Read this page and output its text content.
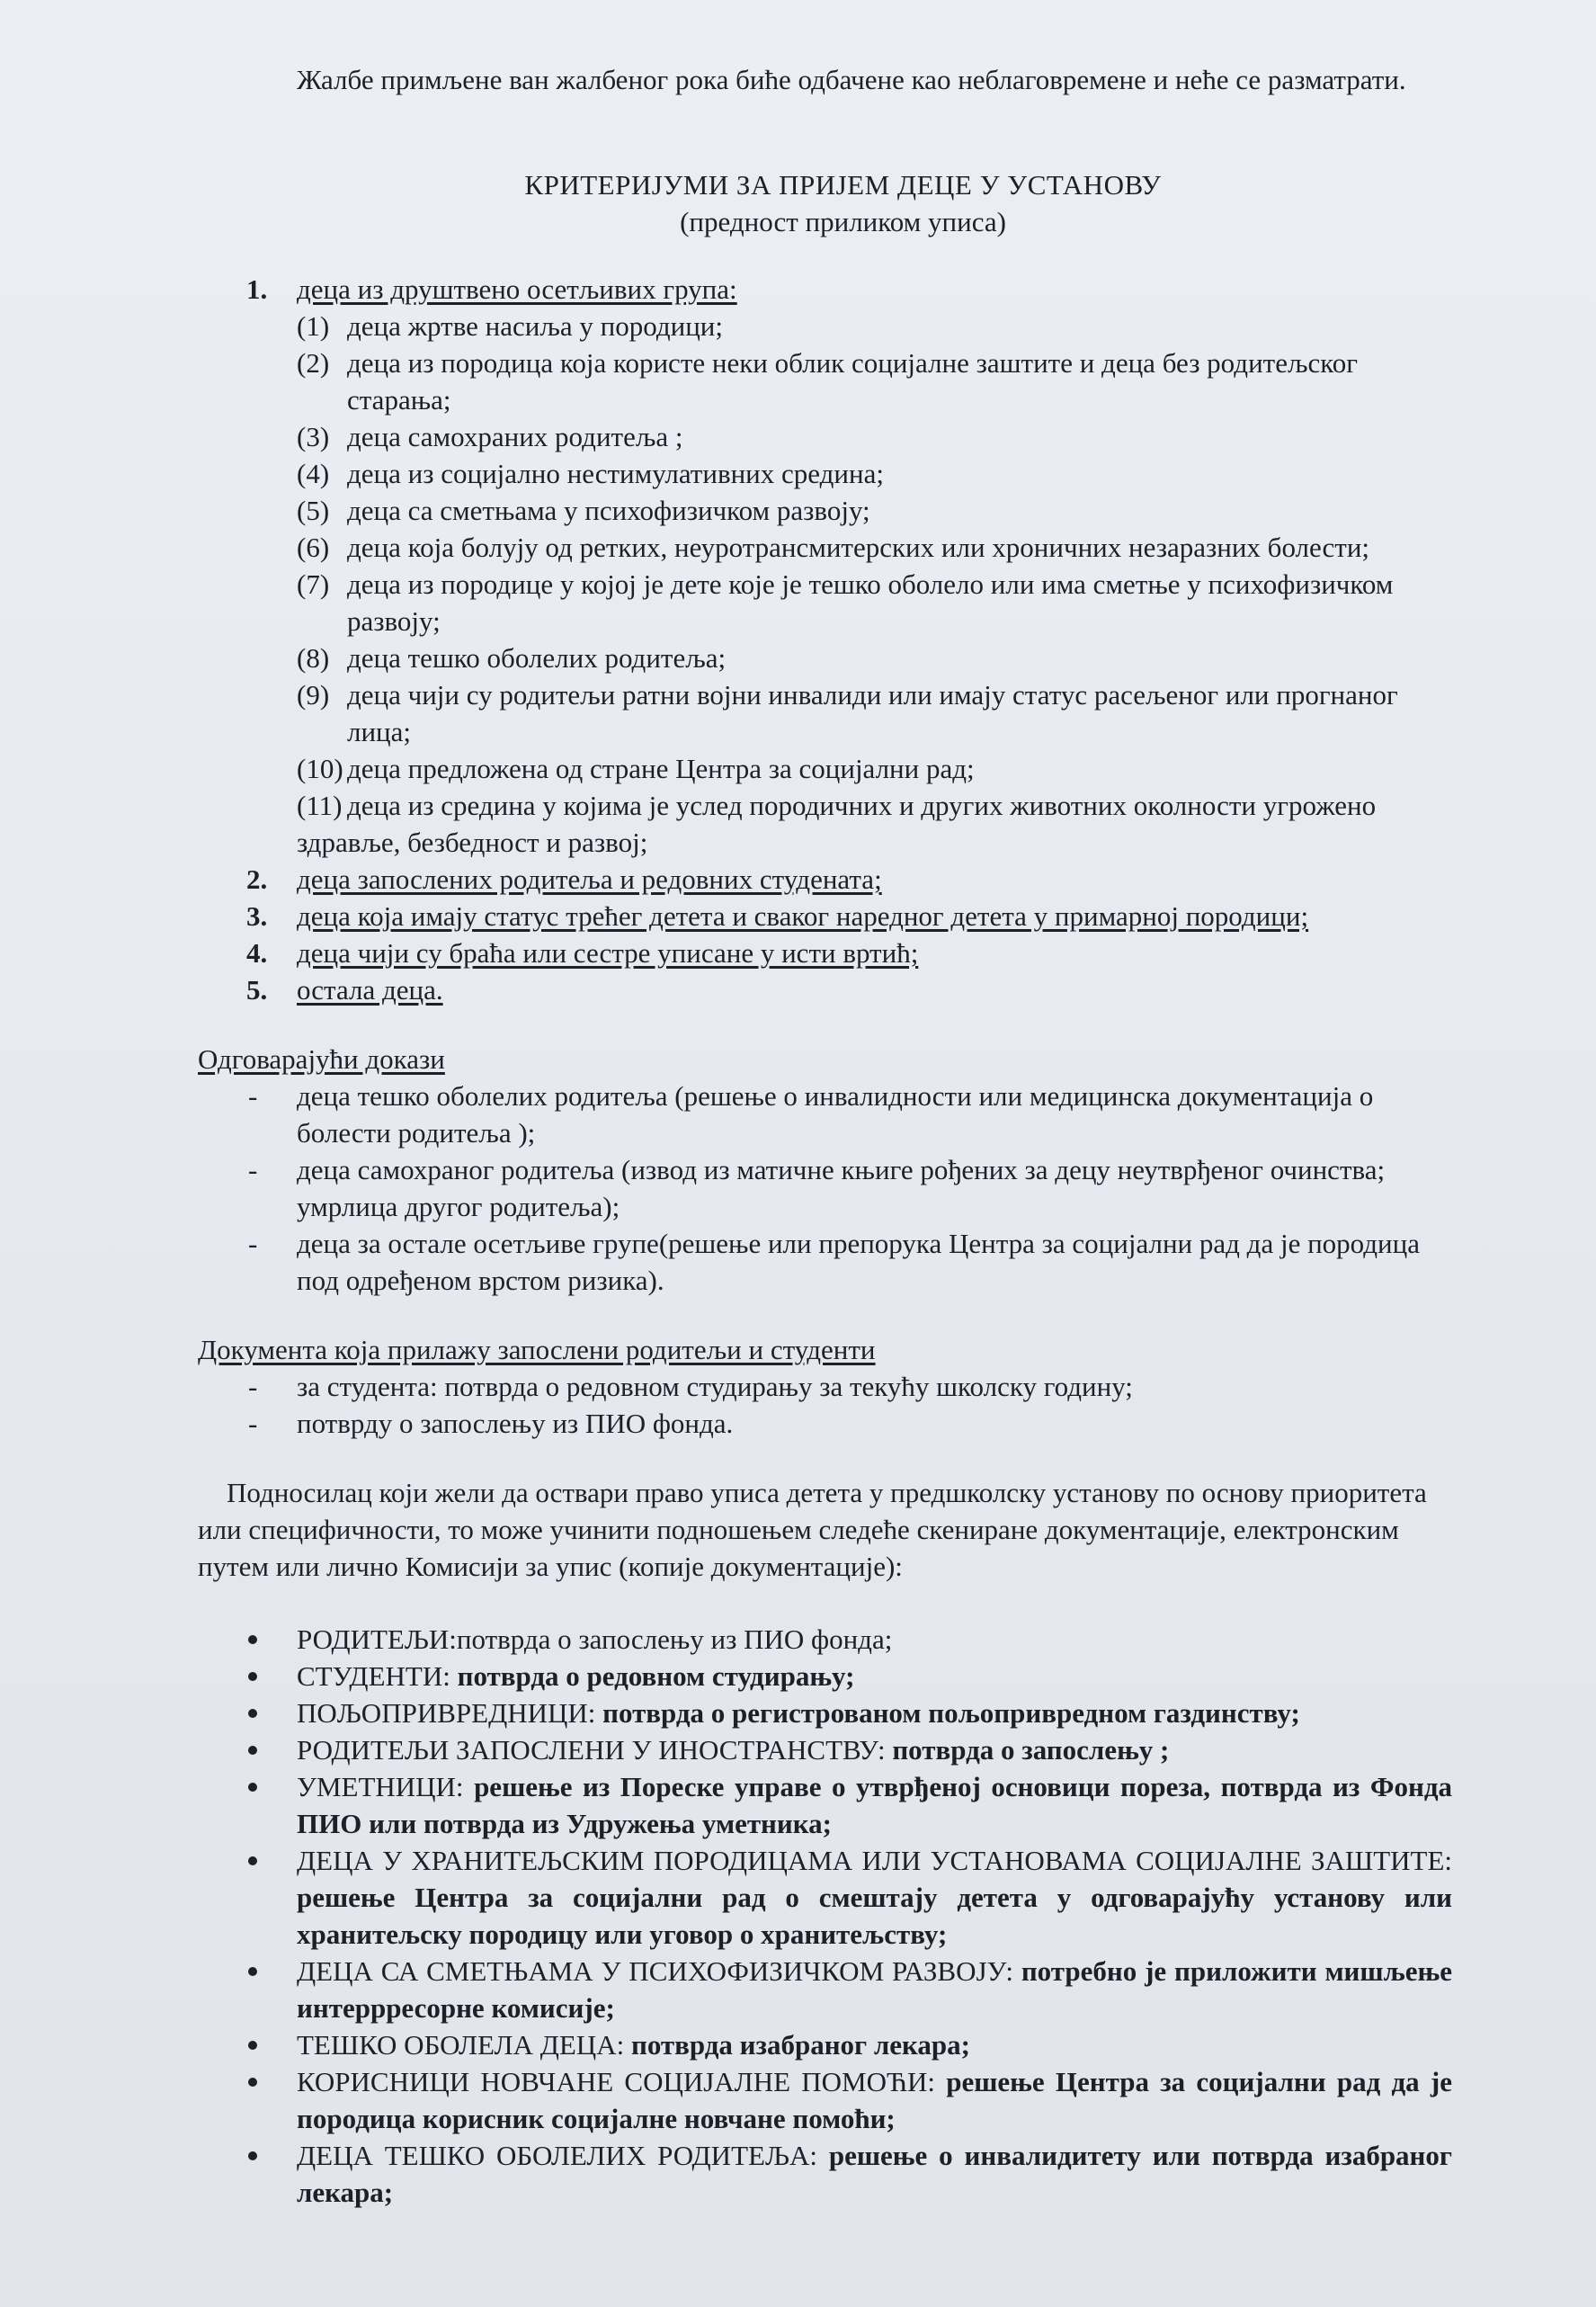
Жалбе примљене ван жалбеног рока биће одбачене као неблаговремене и неће се разматрати.

КРИТЕРИЈУМИ ЗА ПРИЈЕМ ДЕЦЕ У УСТАНОВУ
(предност приликом уписа)
1. деца из друштвено осетљивих група:
(1) деца жртве насиља у породици;
(2) деца из породица која користе неки облик социјалне заштите и деца без родитељског старања;
(3) деца самохраних родитеља ;
(4) деца из социјално нестимулативних средина;
(5) деца са сметњама у психофизичком развоју;
(6) деца која болују од ретких, неуротрансмитерских или хроничних незаразних болести;
(7) деца из породице у којој је дете које је тешко оболело или има сметње у психофизичком развоју;
(8) деца тешко оболелих родитеља;
(9) деца чији су родитељи ратни војни инвалиди или имају статус расељеног или прогнаног лица;
(10) деца предложена од стране Центра за социјални рад;
(11) деца из средина у којима је услед породичних и других животних околности угрожено здравље, безбедност и развој;
2. деца запослених родитеља и редовних студената;
3. деца која имају статус трећег детета и сваког наредног детета у примарној породици;
4. деца чији су браћа или сестре уписане у исти вртић;
5. остала деца.

Одговарајући докази

- деца тешко оболелих родитеља (решење о инвалидности или медицинска документација о болести родитеља );
- деца самохраног родитеља (извод из матичне књиге рођених за децу неутврђеног очинства; умрлица другог родитеља);
- деца за остале осетљиве групе(решење или препорука Центра за социјални рад да је породица под одређеном врстом ризика).

Документа која прилажу запослени родитељи и студенти

- за студента: потврда о редовном студирању за текућу школску годину;
- потврду о запослењу из ПИО фонда.

Подносилац који жели да оствари право уписа детета у предшколску установу по основу приоритета или специфичности, то може учинити подношењем следеће скениране документације, електронским путем или лично Комисији за упис (копије документације):

РОДИТЕЉИ:потврда о запослењу из ПИО фонда;
СТУДЕНТИ: потврда о редовном студирању;
ПОЉОПРИВРЕДНИЦИ: потврда о регистрованом пољопривредном газдинству;
РОДИТЕЉИ ЗАПОСЛЕНИ У ИНОСТРАНСТВУ: потврда о запослењу ;
УМЕТНИЦИ: решење из Пореске управе о утврђеној основици пореза, потврда из Фонда ПИО или потврда из Удружења уметника;
ДЕЦА У ХРАНИТЕЉСКИМ ПОРОДИЦАМА ИЛИ УСТАНОВАМА СОЦИЈАЛНЕ ЗАШТИТЕ: решење Центра за социјални рад о смештају детета у одговарајућу установу или хранитељску породицу или уговор о хранитељству;
ДЕЦА СА СМЕТЊАМА У ПСИХОФИЗИЧКОМ РАЗВОЈУ: потребно је приложити мишљење интеррресорне комисије;
ТЕШКО ОБОЛЕЛА ДЕЦА: потврда изабраног лекара;
КОРИСНИЦИ НОВЧАНЕ СОЦИЈАЛНЕ ПОМОЋИ: решење Центра за социјални рад да је породица корисник социјалне новчане помоћи;
ДЕЦА ТЕШКО ОБОЛЕЛИХ РОДИТЕЉА: решење о инвалидитету или потврда изабраног лекара;
